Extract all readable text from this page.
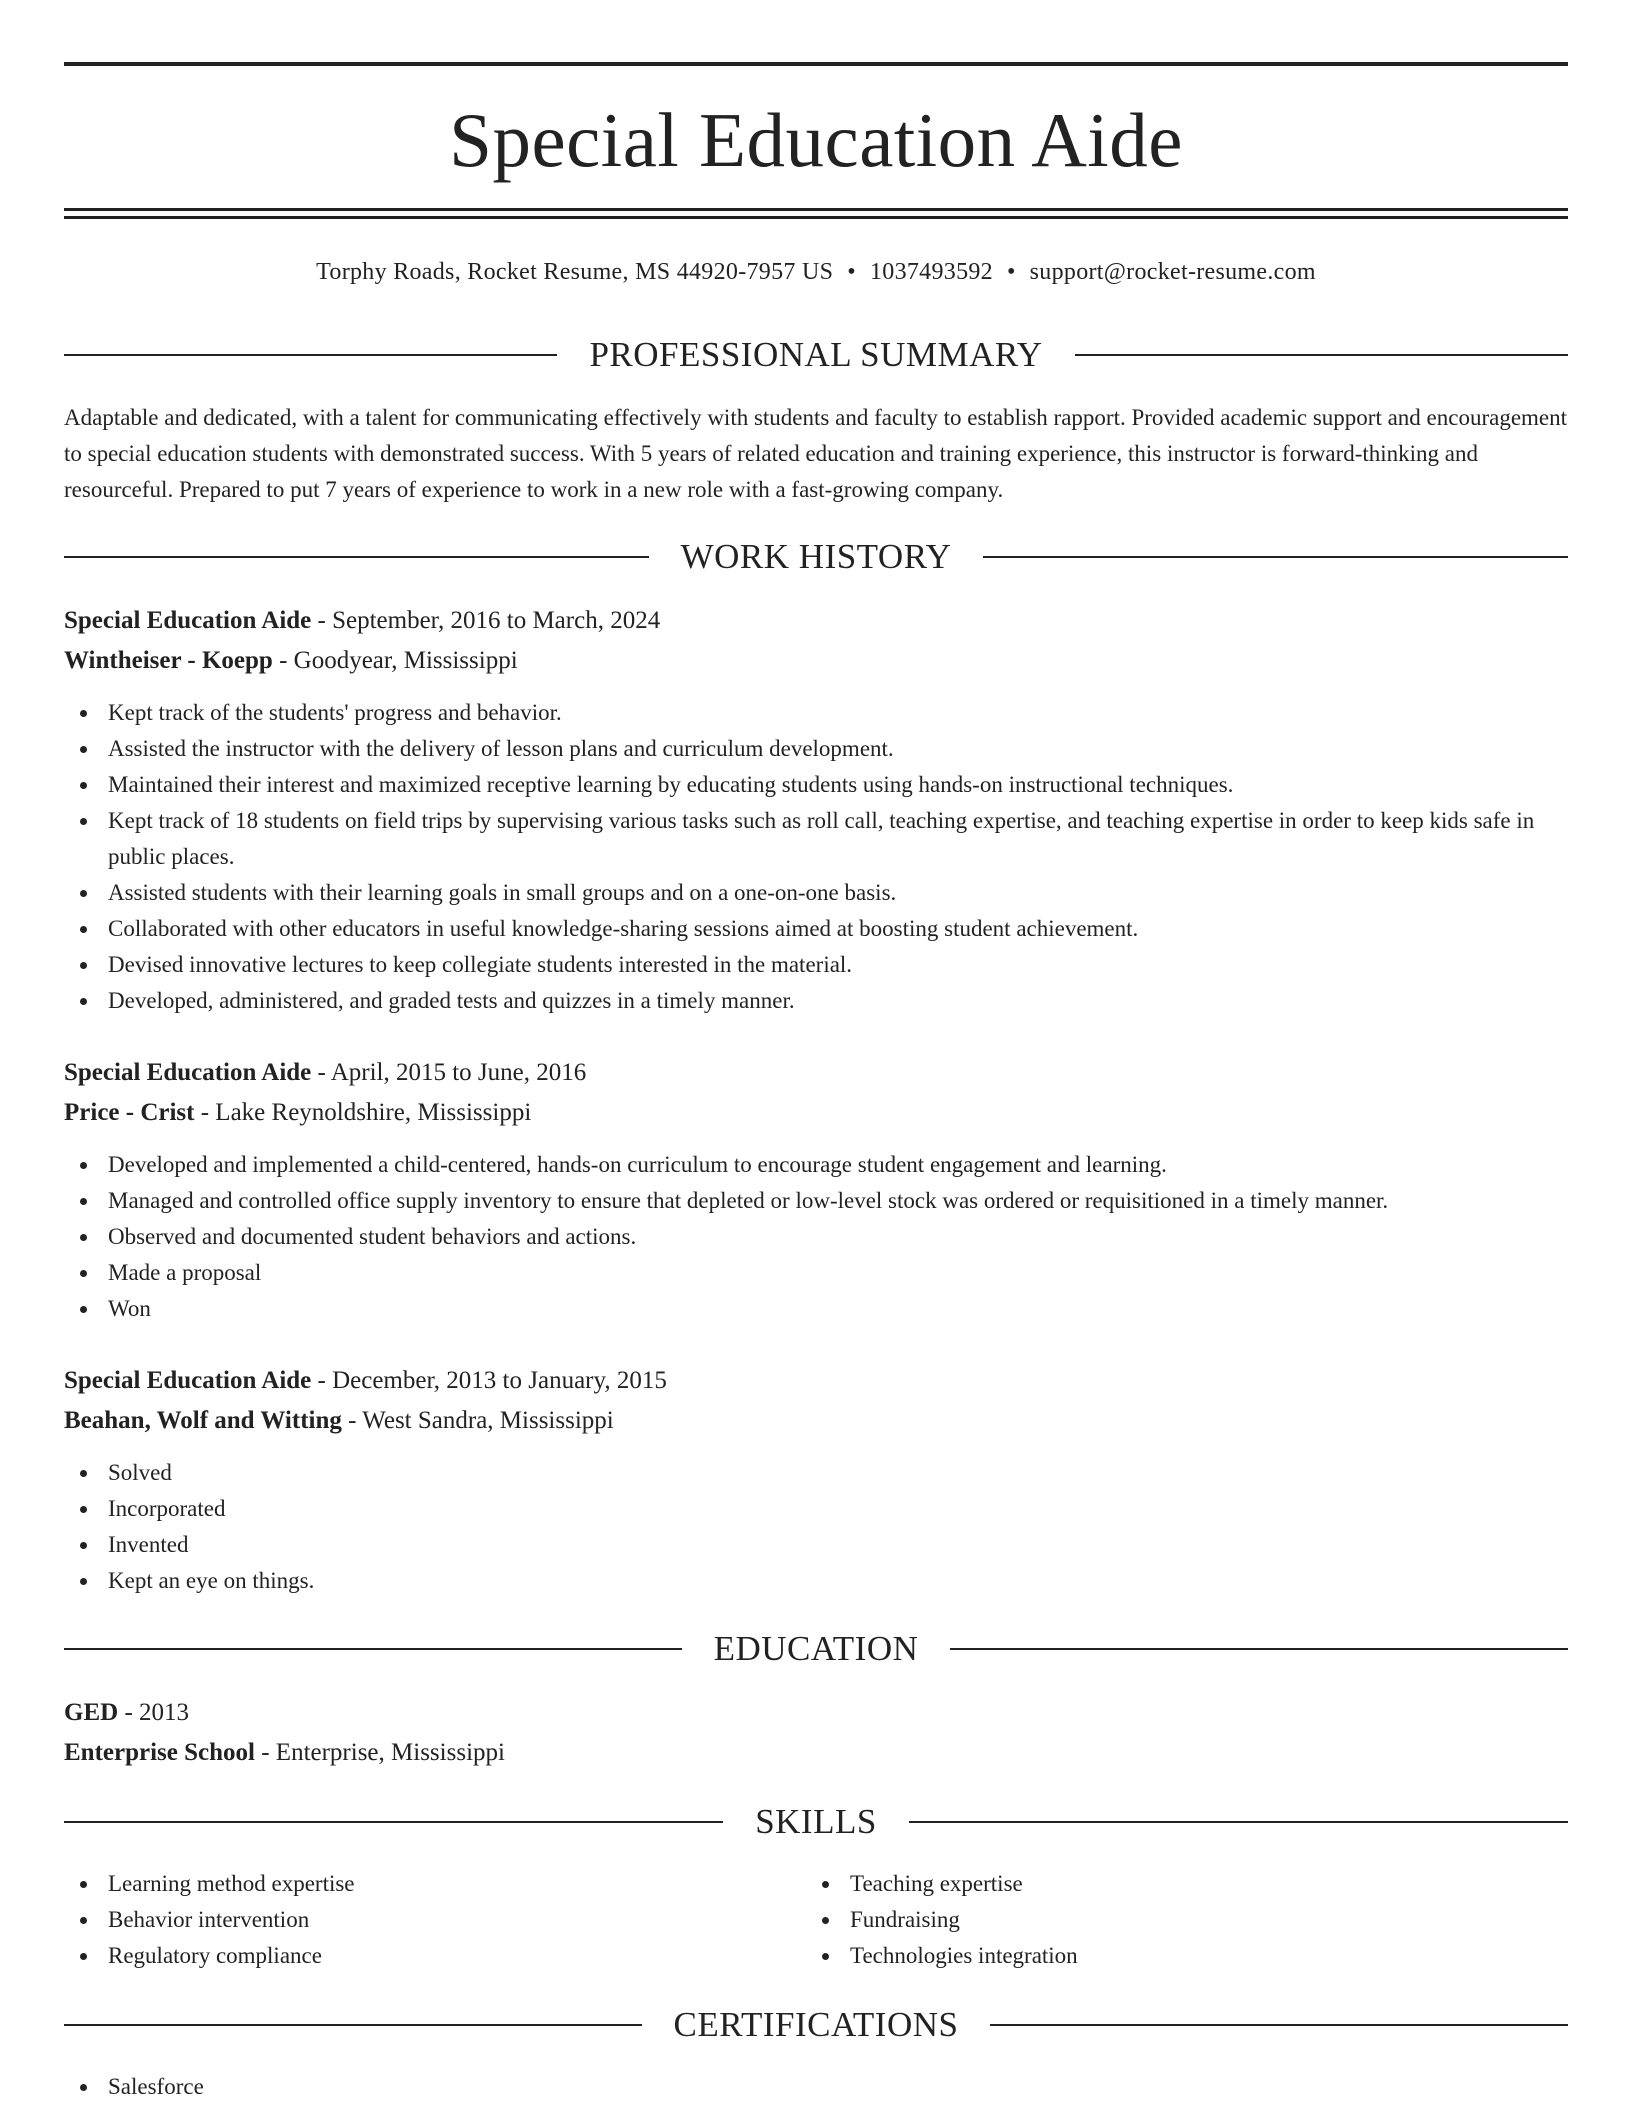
Special Education Aide
Torphy Roads, Rocket Resume, MS 44920-7957 US • 1037493592 • support@rocket-resume.com
PROFESSIONAL SUMMARY

Adaptable and dedicated, with a talent for communicating effectively with students and faculty to establish rapport. Provided academic support and encouragement to special education students with demonstrated success. With 5 years of related education and training experience, this instructor is forward-thinking and resourceful. Prepared to put 7 years of experience to work in a new role with a fast-growing company.

WORK HISTORY
Special Education Aide - September, 2016 to March, 2024
Wintheiser - Koepp - Goodyear, Mississippi
Kept track of the students' progress and behavior.
Assisted the instructor with the delivery of lesson plans and curriculum development.
Maintained their interest and maximized receptive learning by educating students using hands-on instructional techniques.
Kept track of 18 students on field trips by supervising various tasks such as roll call, teaching expertise, and teaching expertise in order to keep kids safe in public places.
Assisted students with their learning goals in small groups and on a one-on-one basis.
Collaborated with other educators in useful knowledge-sharing sessions aimed at boosting student achievement.
Devised innovative lectures to keep collegiate students interested in the material.
Developed, administered, and graded tests and quizzes in a timely manner.
Special Education Aide - April, 2015 to June, 2016
Price - Crist - Lake Reynoldshire, Mississippi
Developed and implemented a child-centered, hands-on curriculum to encourage student engagement and learning.
Managed and controlled office supply inventory to ensure that depleted or low-level stock was ordered or requisitioned in a timely manner.
Observed and documented student behaviors and actions.
Made a proposal
Won
Special Education Aide - December, 2013 to January, 2015
Beahan, Wolf and Witting - West Sandra, Mississippi
Solved
Incorporated
Invented
Kept an eye on things.
EDUCATION
GED - 2013
Enterprise School - Enterprise, Mississippi
SKILLS
Learning method expertise
Behavior intervention
Regulatory compliance
Teaching expertise
Fundraising
Technologies integration
CERTIFICATIONS
Salesforce
